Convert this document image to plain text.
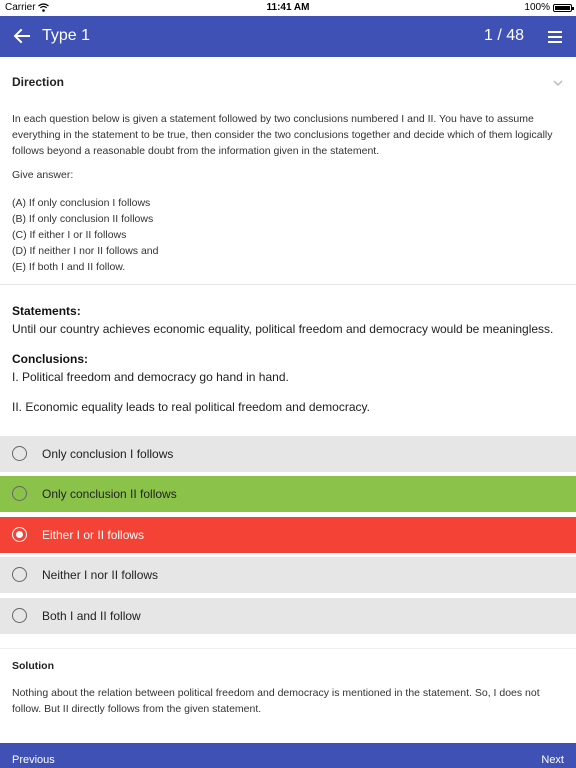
Carrier	11:41 AM	100%
Type 1	1 / 48
Direction

In each question below is given a statement followed by two conclusions numbered I and II. You have to assume everything in the statement to be true, then consider the two conclusions together and decide which of them logically follows beyond a reasonable doubt from the information given in the statement.

Give answer:

(A) If only conclusion I follows
(B) If only conclusion II follows
(C) If either I or II follows
(D) If neither I nor II follows and
(E) If both I and II follow.

Statements:

Until our country achieves economic equality, political freedom and democracy would be meaningless.

Conclusions:

I. Political freedom and democracy go hand in hand.

II. Economic equality leads to real political freedom and democracy.

Only conclusion I follows
Only conclusion II follows
Either I or II follows
Neither I nor II follows
Both I and II follow
Solution

Nothing about the relation between political freedom and democracy is mentioned in the statement. So, I does not follow. But II directly follows from the given statement.

Previous	Next
